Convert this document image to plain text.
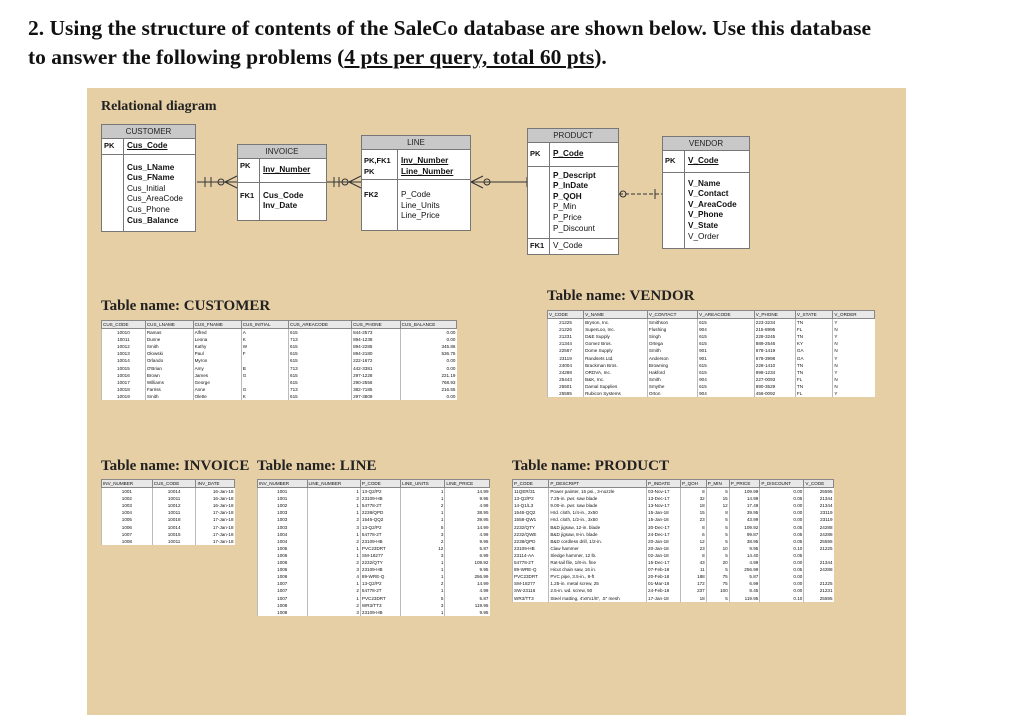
2. Using the structure of contents of the SaleCo database are shown below. Use this database
to answer the following problems (4 pts per query, total 60 pts).
Relational diagram
CUSTOMER
PK	Cus_Code
Cus_LName
Cus_FName
Cus_Initial
Cus_AreaCode
Cus_Phone
Cus_Balance
INVOICE
PK	Inv_Number
FK1	Cus_Code
Inv_Date
LINE
PK,FK1
PK
Inv_Number
Line_Number
FK2	P_Code
Line_Units
Line_Price
PRODUCT
PK	P_Code
P_Descript
P_InDate
P_QOH
P_Min
P_Price
P_Discount
FK1	V_Code
VENDOR
PK	V_Code
V_Name
V_Contact
V_AreaCode
V_Phone
V_State
V_Order
Table name: CUSTOMER
Table name: VENDOR
Table name: INVOICE Table name: LINE	Table name: PRODUCT
CUS_CODE	CUS_LNAME	CUS_FNAME	CUS_INITIAL	CUS_AREACODE	CUS_PHONE	CUS_BALANCE
10010	Ramas	Alfred	A	615	844-2573	0.00
10011	Dunne	Leona	K	713	894-1238	0.00
10012	Smith	Kathy	W	615	894-2285	345.86
10013	Olowski	Paul	F	615	894-2180	536.75
10014	Orlando	Myron		615	222-1672	0.00
10015	O'Brian	Amy	B	713	442-3381	0.00
10016	Brown	James	G	615	297-1228	221.19
10017	Williams	George		615	290-2556	768.93
10018	Farriss	Anne	G	713	382-7185	216.55
10019	Smith	Olette	K	615	297-3809	0.00
V_CODE	V_NAME	V_CONTACT	V_AREACODE	V_PHONE	V_STATE	V_ORDER
21225	Bryson, Inc.	Smithson	615	223-3234	TN	Y
21226	SuperLoo, Inc.	Flushing	904	215-8995	FL	N
21231	D&E Supply	Singh	615	228-3245	TN	Y
21344	Gomez Bros.	Ortega	615	889-2546	KY	N
22567	Dome Supply	Smith	901	678-1419	GA	N
23119	Randsets Ltd.	Anderson	901	678-3998	GA	Y
24004	Brackman Bros.	Browning	615	228-1410	TN	N
24288	ORDVA, Inc.	Hakford	615	898-1234	TN	Y
25443	B&K, Inc.	Smith	904	227-0093	FL	N
25501	Damal Supplies	Smythe	615	890-3529	TN	N
25595	Rubicon Systems	Orton	904	456-0092	FL	Y
INV_NUMBER	CUS_CODE	INV_DATE
1001	10014	16-Jan-18
1002	10011	16-Jan-18
1003	10012	16-Jan-18
1004	10011	17-Jan-18
1005	10018	17-Jan-18
1006	10014	17-Jan-18
1007	10015	17-Jan-18
1008	10011	17-Jan-18
INV_NUMBER	LINE_NUMBER	P_CODE	LINE_UNITS	LINE_PRICE
1001	1	13-Q2/P2	1	14.99
1001	2	23109-HB	1	9.95
1002	1	54778-2T	2	4.99
1003	1	2238/QPD	1	38.95
1003	2	1546-QQ2	1	39.95
1003	3	13-Q2/P2	5	14.99
1004	1	54778-2T	3	4.99
1004	2	23109-HB	2	9.95
1005	1	PVC23DRT	12	5.87
1006	1	SM-18277	3	6.99
1006	2	2232/QTY	1	109.92
1006	3	23109-HB	1	9.95
1006	4	89-WRE-Q	1	256.99
1007	1	13-Q2/P2	2	14.99
1007	2	54778-2T	1	4.99
1007	1	PVC23DRT	5	5.87
1008	2	WR3/TT3	3	119.95
1008	3	23109-HB	1	9.95
P_CODE	P_DESCRIPT	P_INDATE	P_QOH	P_MIN	P_PRICE	P_DISCOUNT	V_CODE
11QER/31	Power painter, 15 psi., 3-nozzle	03-Nov-17	8	5	109.99	0.00	25595
13-Q2/P2	7.25-in. pwr. saw blade	13-Dec-17	32	15	14.99	0.05	21344
14-Q1/L3	9.00-in. pwr. saw blade	13-Nov-17	18	12	17.49	0.00	21344
1546-QQ2	Hrd. cloth, 1/4-in., 2x50	15-Jan-18	15	8	39.95	0.00	23119
1558-QW1	Hrd. cloth, 1/2-in., 3x50	15-Jan-18	23	5	43.99	0.00	23119
2232/QTY	B&D jigsaw, 12-in. blade	30-Dec-17	8	5	109.92	0.05	24288
2232/QWE	B&D jigsaw, 8-in. blade	24-Dec-17	6	5	99.87	0.05	24288
2238/QPD	B&D cordless drill, 1/2-in.	20-Jan-18	12	5	38.95	0.05	25595
23109-HB	Claw hammer	20-Jan-18	23	10	9.95	0.10	21225
23114-AA	Sledge hammer, 12 lb.	02-Jan-18	8	5	14.40	0.05	
54778-2T	Rat-tail file, 1/8-in. fine	15-Dec-17	43	20	4.99	0.00	21344
89-WRE-Q	Hicut chain saw, 16 in.	07-Feb-18	11	5	256.99	0.05	24288
PVC23DRT	PVC pipe, 3.5-in., 8-ft	20-Feb-18	188	75	5.87	0.00	
SM-18277	1.25-in. metal screw, 25	01-Mar-18	172	75	6.99	0.00	21225
SW-23116	2.5-in. wd. screw, 50	24-Feb-18	237	100	8.45	0.00	21231
WR3/TT3	Steel matting, 4'x8'x1/6", .5" mesh	17-Jan-18	18	5	119.95	0.10	25595
